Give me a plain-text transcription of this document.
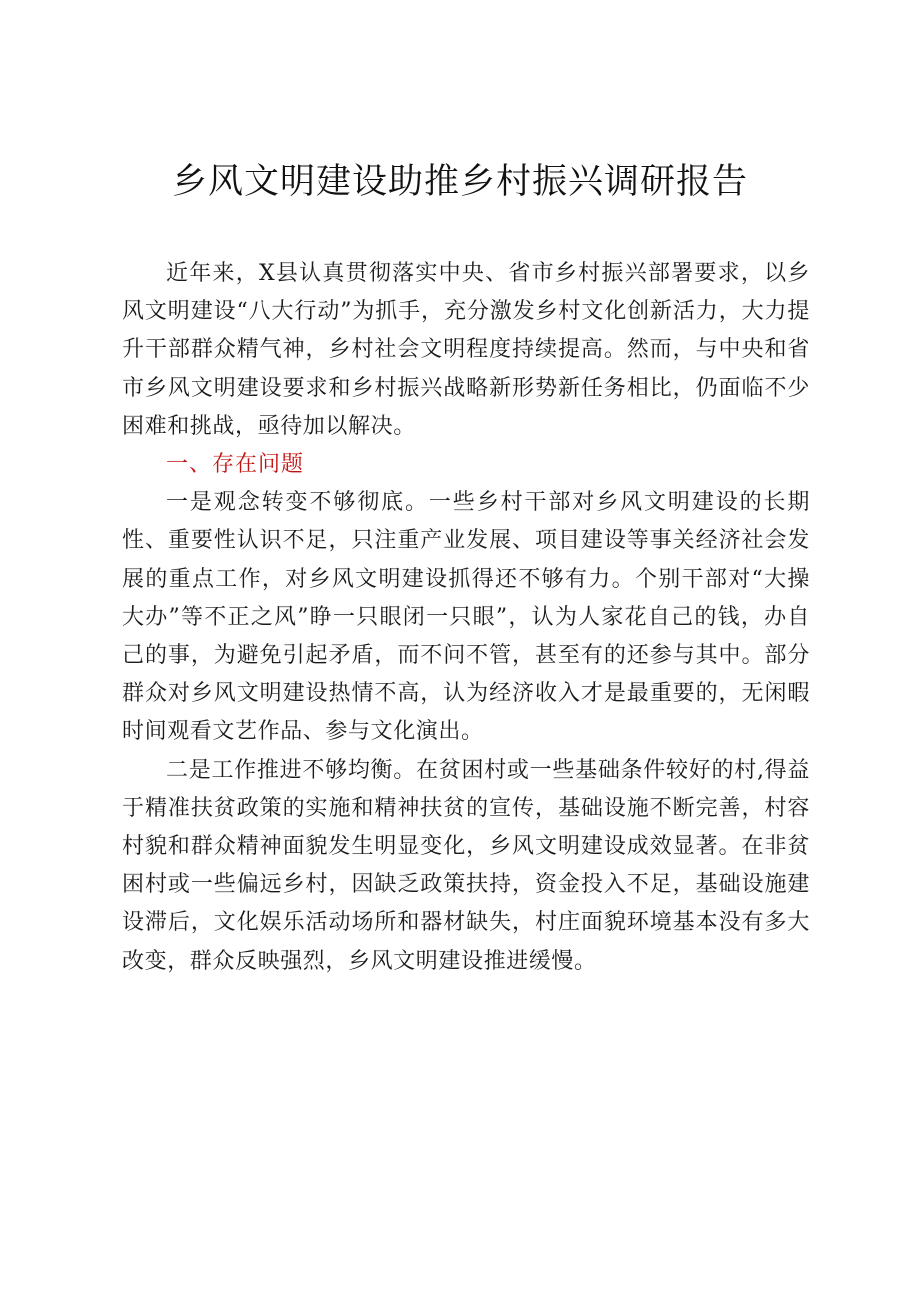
乡风文明建设助推乡村振兴调研报告

近年来，X县认真贯彻落实中央、省市乡村振兴部署要求，以乡风文明建设“八大行动”为抓手，充分激发乡村文化创新活力，大力提升干部群众精气神，乡村社会文明程度持续提高。然而，与中央和省市乡风文明建设要求和乡村振兴战略新形势新任务相比，仍面临不少困难和挑战，亟待加以解决。

一、存在问题

一是观念转变不够彻底。一些乡村干部对乡风文明建设的长期性、重要性认识不足，只注重产业发展、项目建设等事关经济社会发展的重点工作，对乡风文明建设抓得还不够有力。个别干部对“大操大办”等不正之风”睁一只眼闭一只眼”，认为人家花自己的钱，办自己的事，为避免引起矛盾，而不问不管，甚至有的还参与其中。部分群众对乡风文明建设热情不高，认为经济收入才是最重要的，无闲暇时间观看文艺作品、参与文化演出。

二是工作推进不够均衡。在贫困村或一些基础条件较好的村,得益于精准扶贫政策的实施和精神扶贫的宣传，基础设施不断完善，村容村貌和群众精神面貌发生明显变化，乡风文明建设成效显著。在非贫困村或一些偏远乡村，因缺乏政策扶持，资金投入不足，基础设施建设滞后，文化娱乐活动场所和器材缺失，村庄面貌环境基本没有多大改变，群众反映强烈，乡风文明建设推进缓慢。
